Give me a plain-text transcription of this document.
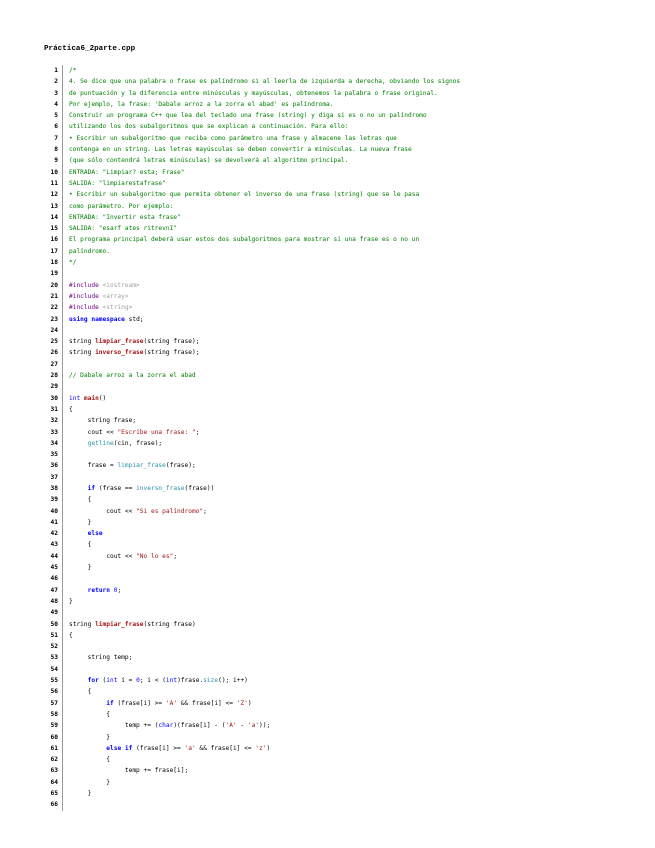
Práctica6_2parte.cpp
1	/*
2	4. Se dice que una palabra o frase es palíndromo si al leerla de izquierda a derecha, obviando los signos
3	de puntuación y la diferencia entre minúsculas y mayúsculas, obtenemos la palabra o frase original.
4	Por ejemplo, la frase: 'Dabale arroz a la zorra el abad' es palíndroma.
5	Construir un programa C++ que lea del teclado una frase (string) y diga si es o no un palíndromo
6	utilizando los dos subalgoritmos que se explican a continuación. Para ello:
7	• Escribir un subalgoritmo que reciba como parámetro una frase y almacene las letras que
8	contenga en un string. Las letras mayúsculas se deben convertir a minúsculas. La nueva frase
9	(que sólo contendrá letras minúsculas) se devolverá al algoritmo principal.
10	ENTRADA: "Limpiar? esta; Frase"
11	SALIDA: "limpiarestafrase"
12	• Escribir un subalgoritmo que permita obtener el inverso de una frase (string) que se le pasa
13	como parámetro. Por ejemplo:
14	ENTRADA: "Invertir esta frase"
15	SALIDA: "esarf ates ritrevnI"
16	El programa principal deberá usar estos dos subalgoritmos para mostrar si una frase es o no un
17	palíndromo.
18	*/
19
20	#include <iostream>
21	#include <array>
22	#include <string>
23	using namespace std;
24
25	string limpiar_frase(string frase);
26	string inverso_frase(string frase);
27
28	// Dabale arroz a la zorra el abad
29
30	int main()
31	{
32	string frase;
33	cout << "Escribe una frase: ";
34	getline(cin, frase);
35
36	frase = limpiar_frase(frase);
37
38	if (frase == inverso_frase(frase))
39	{
40	cout << "Si es palíndromo";
41	}
42	else
43	{
44	cout << "No lo es";
45	}
46
47	return 0;
48	}
49
50	string limpiar_frase(string frase)
51	{
52
53	string temp;
54
55	for (int i = 0; i < (int)frase.size(); i++)
56	{
57	if (frase[i] >= 'A' && frase[i] <= 'Z')
58	{
59	temp += (char)(frase[i] - ('A' - 'a'));
60	}
61	else if (frase[i] >= 'a' && frase[i] <= 'z')
62	{
63	temp += frase[i];
64	}
65	}
66
